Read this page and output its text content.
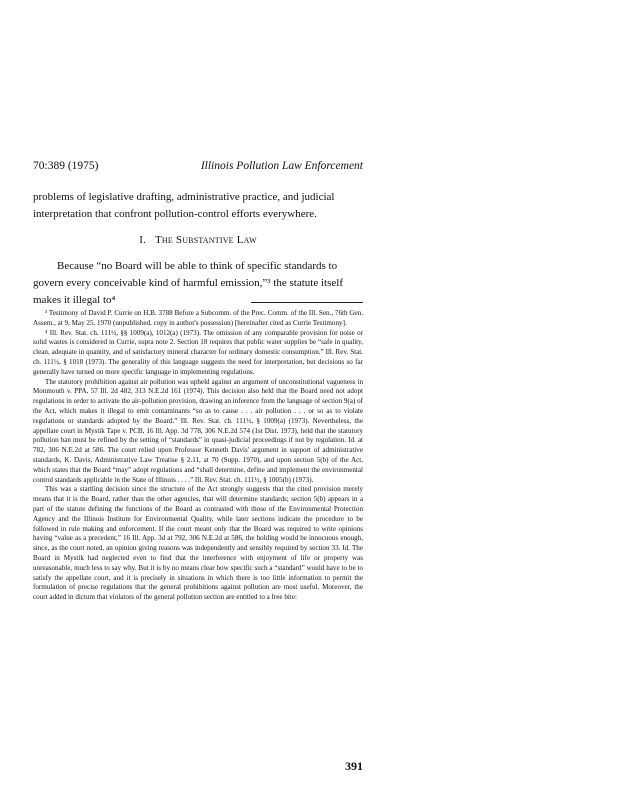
70:389 (1975)	Illinois Pollution Law Enforcement

problems of legislative drafting, administrative practice, and judicial interpretation that confront pollution-control efforts everywhere.

I. The Substantive Law

Because “no Board will be able to think of specific standards to govern every conceivable kind of harmful emission,”³ the statute itself makes it illegal to⁴

³ Testimony of David P. Currie on H.B. 3788 Before a Subcomm. of the Prec. Comm. of the Ill. Sen., 76th Gen. Assem., at 9, May 25, 1970 (unpublished, copy in author's possession) [hereinafter cited as Currie Testimony].

⁴ Ill. Rev. Stat. ch. 111½, §§ 1009(a), 1012(a) (1973). The omission of any comparable provision for noise or solid wastes is considered in Currie, supra note 2. Section 18 requires that public water supplies be “safe in quality, clean, adequate in quantity, and of satisfactory mineral character for ordinary domestic consumption.” Ill. Rev. Stat. ch. 111½, § 1018 (1973). The generality of this language suggests the need for interpretation, but decisions so far generally have turned on more specific language in implementing regulations.

The statutory prohibition against air pollution was upheld against an argument of unconstitutional vagueness in Monmouth v. PPA, 57 Ill. 2d 482, 313 N.E.2d 161 (1974). This decision also held that the Board need not adopt regulations in order to activate the air-pollution provision, drawing an inference from the language of section 9(a) of the Act, which makes it illegal to emit contaminants “so as to cause . . . air pollution . . . or so as to violate regulations or standards adopted by the Board.” Ill. Rev. Stat. ch. 111½, § 1009(a) (1973). Nevertheless, the appellate court in Mystik Tape v. PCB, 16 Ill. App. 3d 778, 306 N.E.2d 574 (1st Dist. 1973), held that the statutory pollution ban must be refined by the setting of “standards” in quasi-judicial proceedings if not by regulation. Id. at 782, 306 N.E.2d at 586. The court relied upon Professor Kenneth Davis' argument in support of administrative standards, K. Davis, Administrative Law Treatise § 2.11, at 70 (Supp. 1970), and upon section 5(b) of the Act, which states that the Board “may” adopt regulations and “shall determine, define and implement the environmental control standards applicable in the State of Illinois . . . .” Ill. Rev. Stat. ch. 111½, § 1005(b) (1973).

This was a startling decision since the structure of the Act strongly suggests that the cited provision merely means that it is the Board, rather than the other agencies, that will determine standards; section 5(b) appears in a part of the statute defining the functions of the Board as contrasted with those of the Environmental Protection Agency and the Illinois Institute for Environmental Quality, while later sections indicate the procedure to be followed in rule making and enforcement. If the court meant only that the Board was required to write opinions having “value as a precedent,” 16 Ill. App. 3d at 792, 306 N.E.2d at 586, the holding would be innocuous enough, since, as the court noted, an opinion giving reasons was independently and sensibly required by section 33. Id. The Board in Mystik had neglected even to find that the interference with enjoyment of life or property was unreasonable, much less to say why. But it is by no means clear how specific such a “standard” would have to be to satisfy the appellate court, and it is precisely in situations in which there is too little information to permit the formulation of precise regulations that the general prohibitions against pollution are most useful. Moreover, the court added in dictum that violators of the general pollution section are entitled to a free bite:

391
